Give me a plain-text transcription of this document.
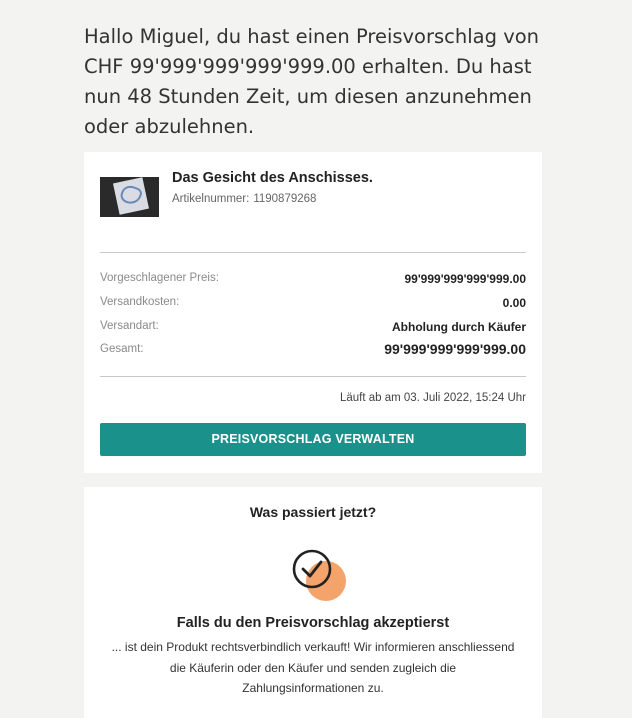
Hallo Miguel, du hast einen Preisvorschlag von CHF 99'999'999'999'999.00 erhalten. Du hast nun 48 Stunden Zeit, um diesen anzunehmen oder abzulehnen.
Das Gesicht des Anschisses.
Artikelnummer: 1190879268
Vorgeschlagener Preis:	99'999'999'999'999.00
Versandkosten:	0.00
Versandart:	Abholung durch Käufer
Gesamt:	99'999'999'999'999.00
Läuft ab am 03. Juli 2022, 15:24 Uhr
PREISVORSCHLAG VERWALTEN
Was passiert jetzt?
Falls du den Preisvorschlag akzeptierst
... ist dein Produkt rechtsverbindlich verkauft! Wir informieren anschliessend die Käuferin oder den Käufer und senden zugleich die Zahlungsinformationen zu.
